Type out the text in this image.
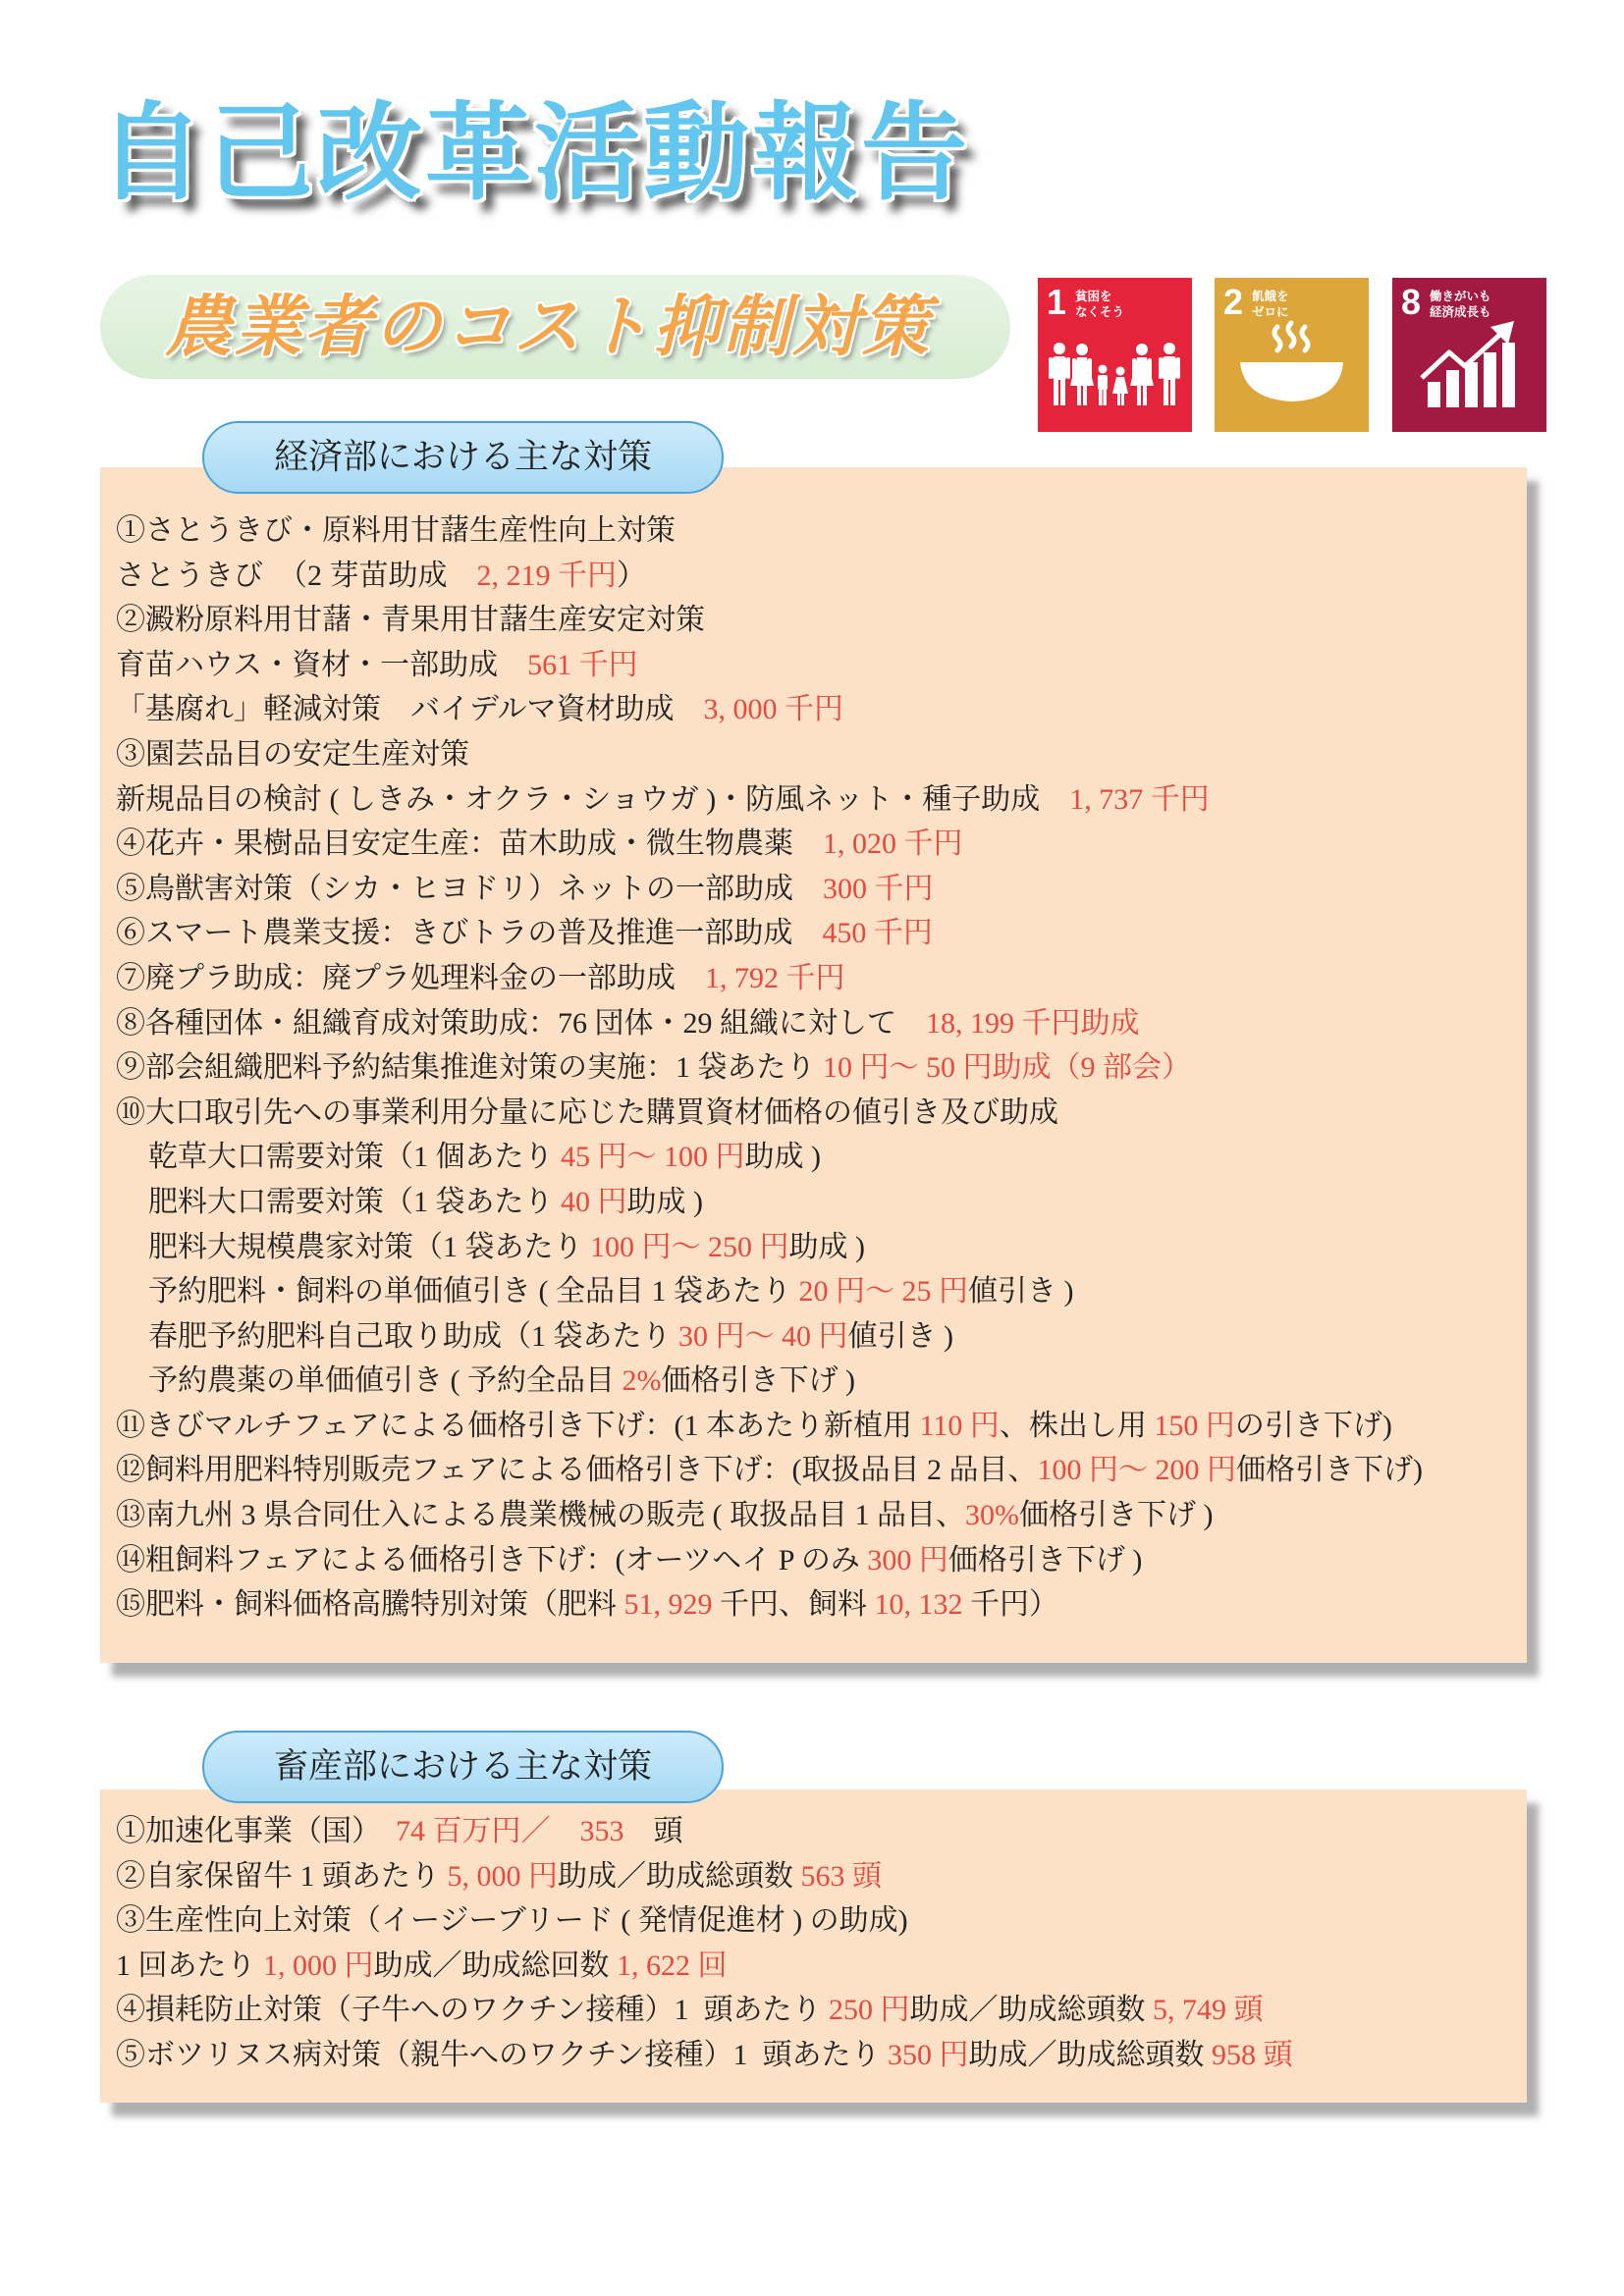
自己改革活動報告
農業者のコスト抑制対策	1 貧困を
なくそう	2 飢餓を
ゼロに	8 働きがいも
経済成長も
経済部における主な対策
①さとうきび・原料用甘藷生産性向上対策
さとうきび　（2 芽苗助成　2, 219 千円）
②澱粉原料用甘藷・青果用甘藷生産安定対策
育苗ハウス・資材・一部助成　561 千円
「基腐れ」軽減対策　バイデルマ資材助成　3, 000 千円
③園芸品目の安定生産対策
新規品目の検討 ( しきみ・オクラ・ショウガ )・防風ネット・種子助成　1, 737 千円
④花卉・果樹品目安定生産：苗木助成・微生物農薬　1, 020 千円
⑤鳥獣害対策（シカ・ヒヨドリ）ネットの一部助成　300 千円
⑥スマート農業支援：きびトラの普及推進一部助成　450 千円
⑦廃プラ助成：廃プラ処理料金の一部助成　1, 792 千円
⑧各種団体・組織育成対策助成：76 団体・29 組織に対して　18, 199 千円助成
⑨部会組織肥料予約結集推進対策の実施：1 袋あたり 10 円～ 50 円助成（9 部会）
⑩大口取引先への事業利用分量に応じた購買資材価格の値引き及び助成
乾草大口需要対策（1 個あたり 45 円～ 100 円助成 )
肥料大口需要対策（1 袋あたり 40 円助成 )
肥料大規模農家対策（1 袋あたり 100 円～ 250 円助成 )
予約肥料・飼料の単価値引き ( 全品目 1 袋あたり 20 円～ 25 円値引き )
春肥予約肥料自己取り助成（1 袋あたり 30 円～ 40 円値引き )
予約農薬の単価値引き ( 予約全品目 2%価格引き下げ )
⑪きびマルチフェアによる価格引き下げ：(1 本あたり新植用 110 円、株出し用 150 円の引き下げ)
⑫飼料用肥料特別販売フェアによる価格引き下げ：(取扱品目 2 品目、100 円～ 200 円価格引き下げ)
⑬南九州 3 県合同仕入による農業機械の販売 ( 取扱品目 1 品目、30%価格引き下げ )
⑭粗飼料フェアによる価格引き下げ：(オーツヘイ P のみ 300 円価格引き下げ )
⑮肥料・飼料価格高騰特別対策（肥料 51, 929 千円、飼料 10, 132 千円）
畜産部における主な対策
①加速化事業（国）　74 百万円／　353　頭
②自家保留牛 1 頭あたり 5, 000 円助成／助成総頭数 563 頭
③生産性向上対策（イージーブリード ( 発情促進材 ) の助成)
1 回あたり 1, 000 円助成／助成総回数 1, 622 回
④損耗防止対策（子牛へのワクチン接種）1  頭あたり 250 円助成／助成総頭数 5, 749 頭
⑤ボツリヌス病対策（親牛へのワクチン接種）1  頭あたり 350 円助成／助成総頭数 958 頭
